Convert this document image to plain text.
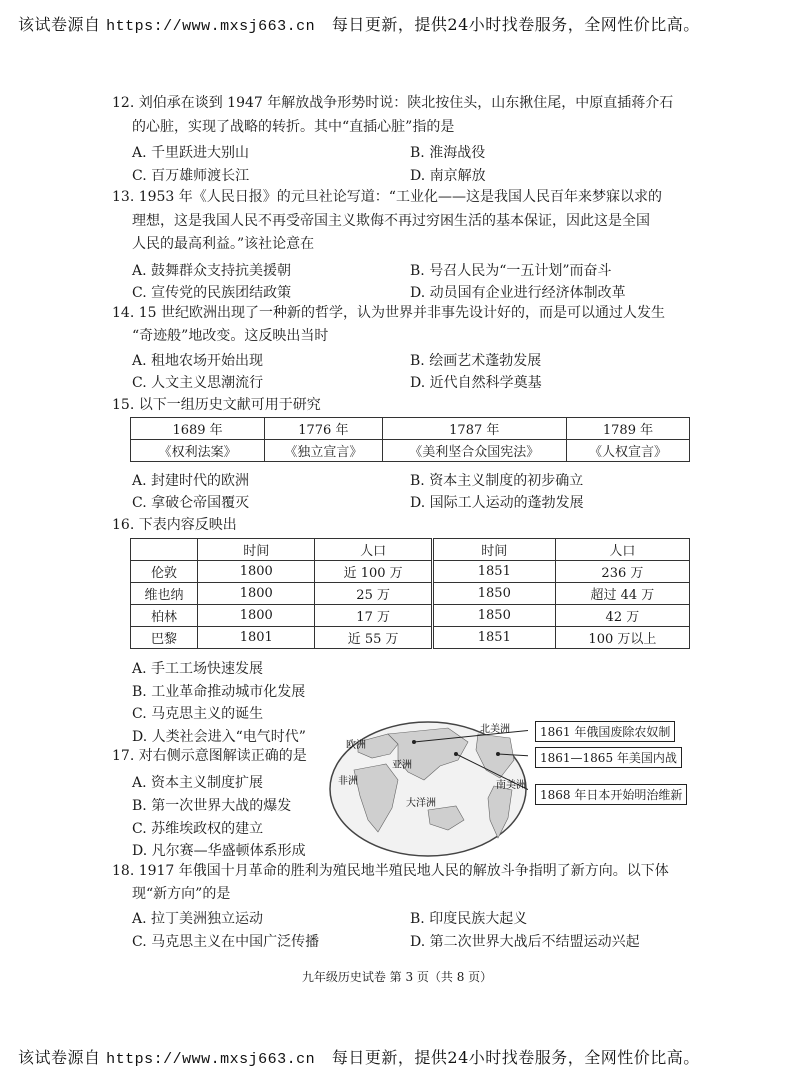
该试卷源自 https://www.mxsj663.cn 每日更新，提供24小时找卷服务，全网性价比高。
12. 刘伯承在谈到 1947 年解放战争形势时说：陕北按住头，山东揪住尾，中原直插蒋介石
的心脏，实现了战略的转折。其中“直插心脏”指的是
A. 千里跃进大别山	B. 淮海战役
C. 百万雄师渡长江	D. 南京解放
13. 1953 年《人民日报》的元旦社论写道：“工业化——这是我国人民百年来梦寐以求的
理想，这是我国人民不再受帝国主义欺侮不再过穷困生活的基本保证，因此这是全国
人民的最高利益。”该社论意在
A. 鼓舞群众支持抗美援朝	B. 号召人民为“一五计划”而奋斗
C. 宣传党的民族团结政策	D. 动员国有企业进行经济体制改革
14. 15 世纪欧洲出现了一种新的哲学，认为世界并非事先设计好的，而是可以通过人发生
“奇迹般”地改变。这反映出当时
A. 租地农场开始出现	B. 绘画艺术蓬勃发展
C. 人文主义思潮流行	D. 近代自然科学奠基
15. 以下一组历史文献可用于研究
1689 年	1776 年	1787 年	1789 年
《权利法案》	《独立宣言》	《美利坚合众国宪法》	《人权宣言》
A. 封建时代的欧洲	B. 资本主义制度的初步确立
C. 拿破仑帝国覆灭	D. 国际工人运动的蓬勃发展
16. 下表内容反映出
	时间	人口	时间	人口
伦敦	1800	近 100 万	1851	236 万
维也纳	1800	25 万	1850	超过 44 万
柏林	1800	17 万	1850	42 万
巴黎	1801	近 55 万	1851	100 万以上
A. 手工工场快速发展
B. 工业革命推动城市化发展
C. 马克思主义的诞生
D. 人类社会进入“电气时代”
17. 对右侧示意图解读正确的是
A. 资本主义制度扩展
B. 第一次世界大战的爆发
C. 苏维埃政权的建立
D. 凡尔赛—华盛顿体系形成
欧洲
非洲
亚洲
大洋洲
北美洲
南美洲
1861 年俄国废除农奴制
1861—1865 年美国内战
1868 年日本开始明治维新
18. 1917 年俄国十月革命的胜利为殖民地半殖民地人民的解放斗争指明了新方向。以下体
现“新方向”的是
A. 拉丁美洲独立运动	B. 印度民族大起义
C. 马克思主义在中国广泛传播	D. 第二次世界大战后不结盟运动兴起
九年级历史试卷 第 3 页（共 8 页）
该试卷源自 https://www.mxsj663.cn 每日更新，提供24小时找卷服务，全网性价比高。
